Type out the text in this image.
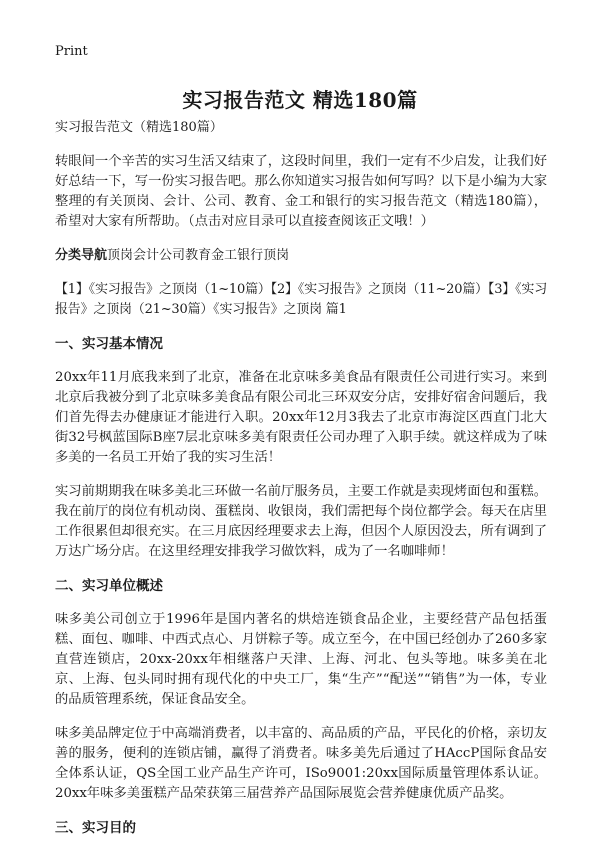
Print
实习报告范文 精选180篇

实习报告范文（精选180篇）

转眼间一个辛苦的实习生活又结束了，这段时间里，我们一定有不少启发，让我们好好总结一下，写一份实习报告吧。那么你知道实习报告如何写吗？以下是小编为大家整理的有关顶岗、会计、公司、教育、金工和银行的实习报告范文（精选180篇），希望对大家有所帮助。（点击对应目录可以直接查阅该正文哦！）

分类导航顶岗会计公司教育金工银行顶岗

【1】《实习报告》之顶岗（1~10篇）【2】《实习报告》之顶岗（11~20篇）【3】《实习报告》之顶岗（21~30篇）《实习报告》之顶岗 篇1

一、实习基本情况

20xx年11月底我来到了北京，准备在北京味多美食品有限责任公司进行实习。来到北京后我被分到了北京味多美食品有限公司北三环双安分店，安排好宿舍问题后，我们首先得去办健康证才能进行入职。20xx年12月3我去了北京市海淀区西直门北大街32号枫蓝国际B座7层北京味多美有限责任公司办理了入职手续。就这样成为了味多美的一名员工开始了我的实习生活！

实习前期期我在味多美北三环做一名前厅服务员，主要工作就是卖现烤面包和蛋糕。我在前厅的岗位有机动岗、蛋糕岗、收银岗，我们需把每个岗位都学会。每天在店里工作很累但却很充实。在三月底因经理要求去上海，但因个人原因没去，所有调到了万达广场分店。在这里经理安排我学习做饮料，成为了一名咖啡师！

二、实习单位概述

味多美公司创立于1996年是国内著名的烘焙连锁食品企业，主要经营产品包括蛋糕、面包、咖啡、中西式点心、月饼粽子等。成立至今，在中国已经创办了260多家直营连锁店，20xx-20xx年相继落户天津、上海、河北、包头等地。味多美在北京、上海、包头同时拥有现代化的中央工厂，集“生产”“配送”“销售”为一体，专业的品质管理系统，保证食品安全。

味多美品牌定位于中高端消费者，以丰富的、高品质的产品，平民化的价格，亲切友善的服务，便利的连锁店铺，赢得了消费者。味多美先后通过了HAccP国际食品安全体系认证，QS全国工业产品生产许可，ISo9001:20xx国际质量管理体系认证。20xx年味多美蛋糕产品荣获第三届营养产品国际展览会营养健康优质产品奖。

三、实习目的
